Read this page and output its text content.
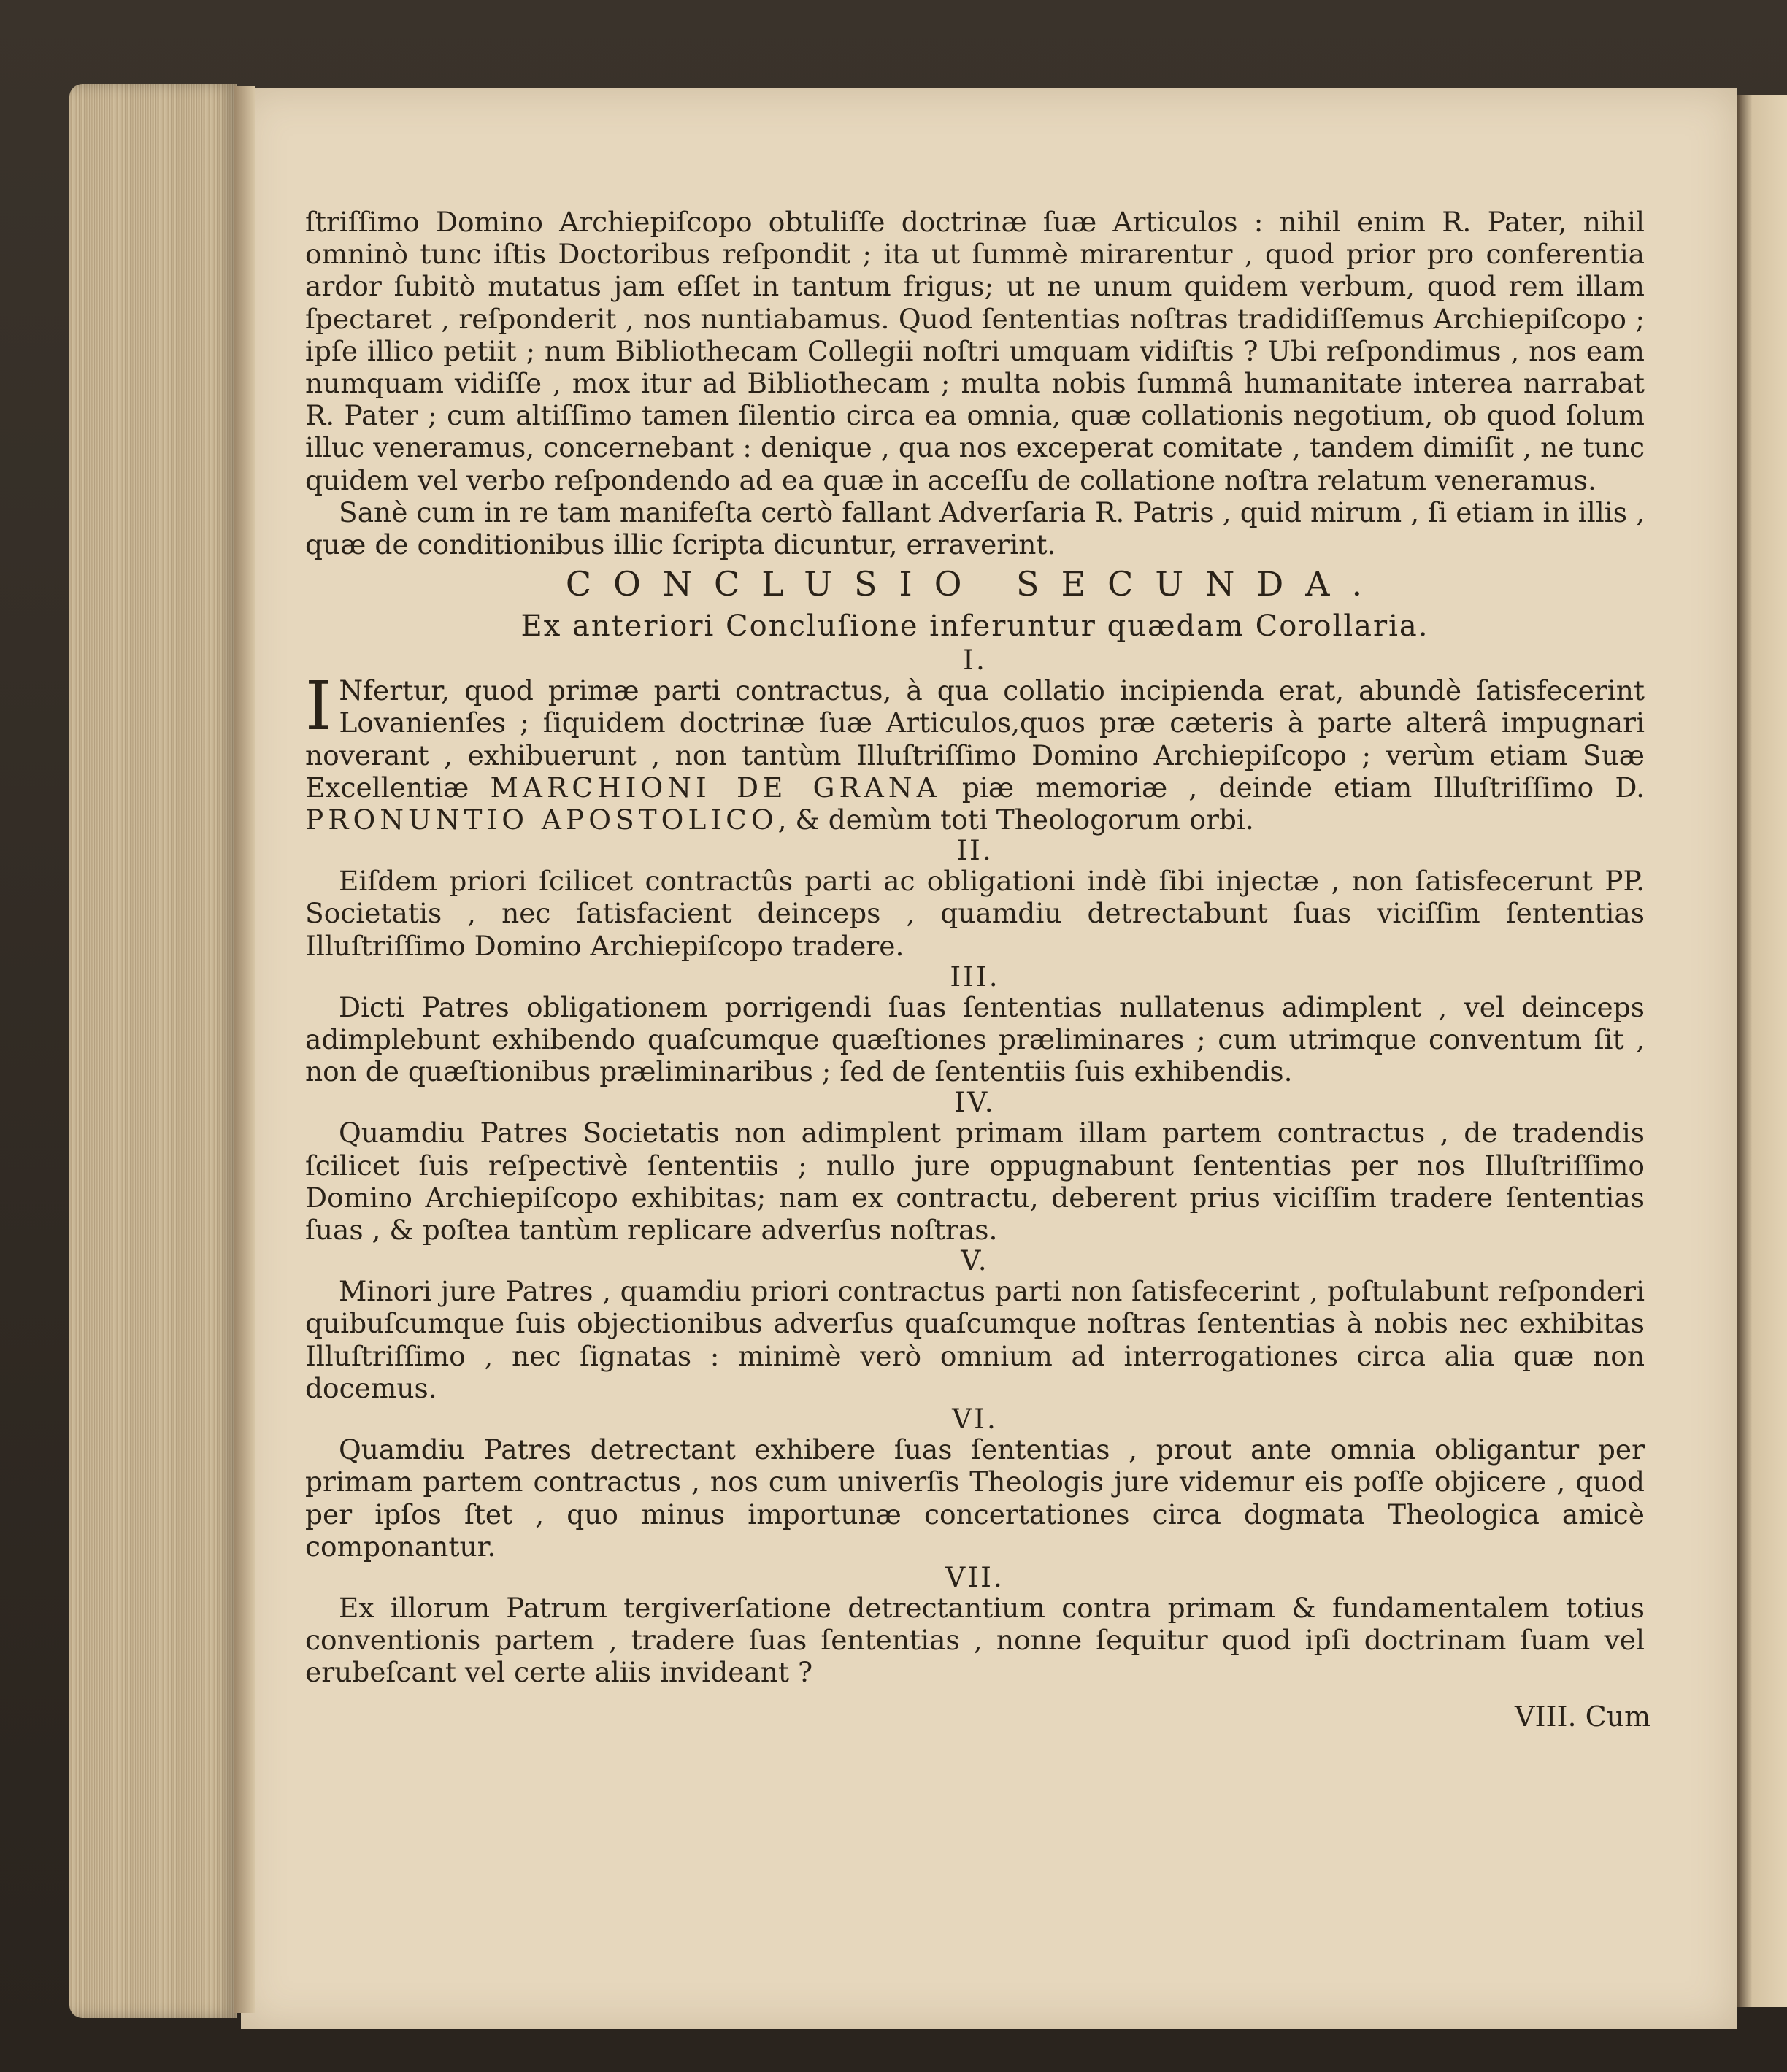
ſtriſſimo Domino Archiepiſcopo obtuliſſe doctrinæ ſuæ Articulos : nihil enim R. Pater, nihil omninò tunc iſtis Doctoribus reſpondit ; ita ut ſummè mirarentur , quod prior pro conferentia ardor ſubitò mutatus jam eſſet in tantum frigus; ut ne unum quidem verbum, quod rem illam ſpectaret , reſponderit , nos nuntiabamus. Quod ſententias noſtras tradidiſſemus Archiepiſcopo ; ipſe illico petiit ; num Bibliothecam Collegii noſtri umquam vidiſtis ? Ubi reſpondimus , nos eam numquam vidiſſe , mox itur ad Bibliothecam ; multa nobis ſummâ humanitate interea narrabat R. Pater ; cum altiſſimo tamen ſilentio circa ea omnia, quæ collationis negotium, ob quod ſolum illuc veneramus, concernebant : denique , qua nos exceperat comitate , tandem dimiſit , ne tunc quidem vel verbo reſpondendo ad ea quæ in acceſſu de collatione noſtra relatum veneramus.

Sanè cum in re tam manifeſta certò fallant Adverſaria R. Patris , quid mirum , ſi etiam in illis , quæ de conditionibus illic ſcripta dicuntur, erraverint.

CONCLUSIO SECUNDA.

Ex anteriori Concluſione inferuntur quædam Corollaria.

I.

I Nfertur, quod primæ parti contractus, à qua collatio incipienda erat, abundè ſatisfecerint Lovanienſes ; ſiquidem doctrinæ ſuæ Articulos,quos præ cæteris à parte alterâ impugnari noverant , exhibuerunt , non tantùm Illuſtriſſimo Domino Archiepiſcopo ; verùm etiam Suæ Excellentiæ MARCHIONI DE GRANA piæ memoriæ , deinde etiam Illuſtriſſimo D. PRONUNTIO APOSTOLICO, & demùm toti Theologorum orbi.

II.

Eiſdem priori ſcilicet contractûs parti ac obligationi indè ſibi injectæ , non ſatisfecerunt PP. Societatis , nec ſatisfacient deinceps , quamdiu detrectabunt ſuas viciſſim ſententias Illuſtriſſimo Domino Archiepiſcopo tradere.

III.

Dicti Patres obligationem porrigendi ſuas ſententias nullatenus adimplent , vel deinceps adimplebunt exhibendo quaſcumque quæſtiones præliminares ; cum utrimque conventum ſit , non de quæſtionibus præliminaribus ; ſed de ſententiis ſuis exhibendis.

IV.

Quamdiu Patres Societatis non adimplent primam illam partem contractus , de tradendis ſcilicet ſuis reſpectivè ſententiis ; nullo jure oppugnabunt ſententias per nos Illuſtriſſimo Domino Archiepiſcopo exhibitas; nam ex contractu, deberent prius viciſſim tradere ſententias ſuas , & poſtea tantùm replicare adverſus noſtras.

V.

Minori jure Patres , quamdiu priori contractus parti non ſatisfecerint , poſtulabunt reſponderi quibuſcumque ſuis objectionibus adverſus quaſcumque noſtras ſententias à nobis nec exhibitas Illuſtriſſimo , nec ſignatas : minimè verò omnium ad interrogationes circa alia quæ non docemus.

VI.

Quamdiu Patres detrectant exhibere ſuas ſententias , prout ante omnia obligantur per primam partem contractus , nos cum univerſis Theologis jure videmur eis poſſe objicere , quod per ipſos ſtet , quo minus importunæ concertationes circa dogmata Theologica amicè componantur.

VII.

Ex illorum Patrum tergiverſatione detrectantium contra primam & fundamentalem totius conventionis partem , tradere ſuas ſententias , nonne ſequitur quod ipſi doctrinam ſuam vel erubeſcant vel certe aliis invideant ?

VIII. Cum
